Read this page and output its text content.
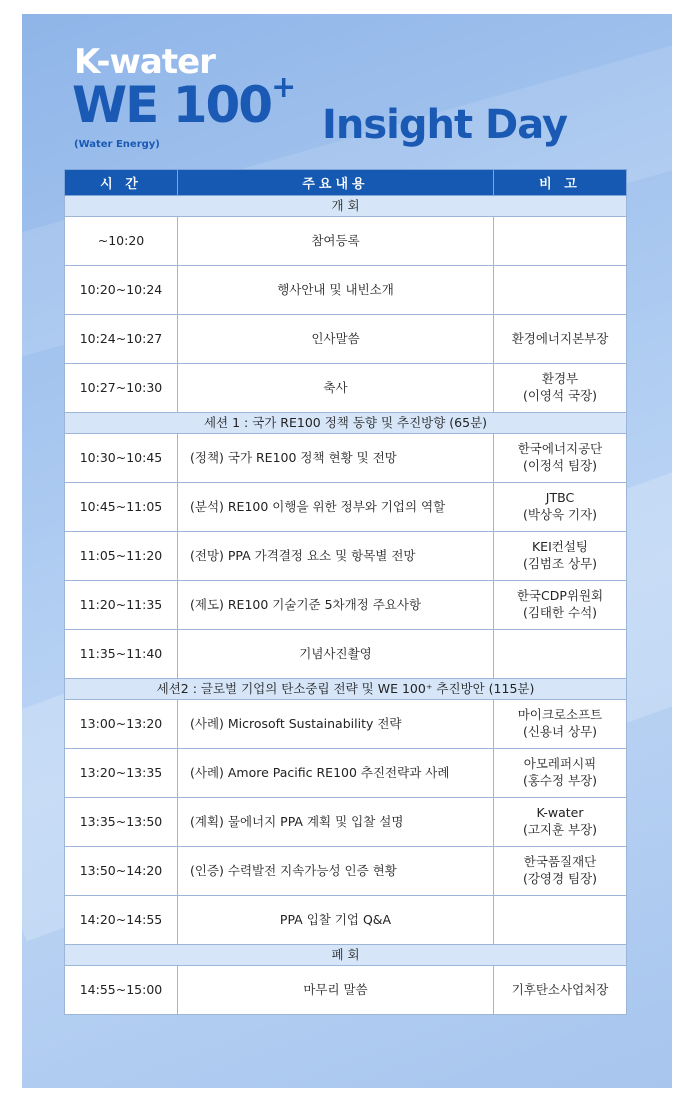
K-water
WE 100+
Insight Day
(Water Energy)
시 간	주요내용	비 고
개 회		
~10:20	참여등록	
10:20~10:24	행사안내 및 내빈소개	
10:24~10:27	인사말씀	환경에너지본부장

10:27~10:30	축사	환경부
(이영석 국장)

세션 1 : 국가 RE100 정책 동향 및 추진방향 (65분)		
10:30~10:45	(정책) 국가 RE100 정책 현황 및 전망	한국에너지공단
(이정석 팀장)

10:45~11:05	(분석) RE100 이행을 위한 정부와 기업의 역할	JTBC
(박상욱 기자)

11:05~11:20	(전망) PPA 가격결정 요소 및 항목별 전망	KEI컨설팅
(김범조 상무)

11:20~11:35	(제도) RE100 기술기준 5차개정 주요사항	한국CDP위원회
(김태한 수석)

11:35~11:40	기념사진촬영	
세션2 : 글로벌 기업의 탄소중립 전략 및 WE 100⁺ 추진방안 (115분)		
13:00~13:20	(사례) Microsoft Sustainability 전략	마이크로소프트
(신용녀 상무)

13:20~13:35	(사례) Amore Pacific RE100 추진전략과 사례	아모레퍼시픽
(홍수정 부장)

13:35~13:50	(계획) 물에너지 PPA 계획 및 입찰 설명	K-water
(고지훈 부장)

13:50~14:20	(인증) 수력발전 지속가능성 인증 현황	한국품질재단
(강영경 팀장)

14:20~14:55	PPA 입찰 기업 Q&A	
폐 회		
14:55~15:00	마무리 말씀	기후탄소사업처장
